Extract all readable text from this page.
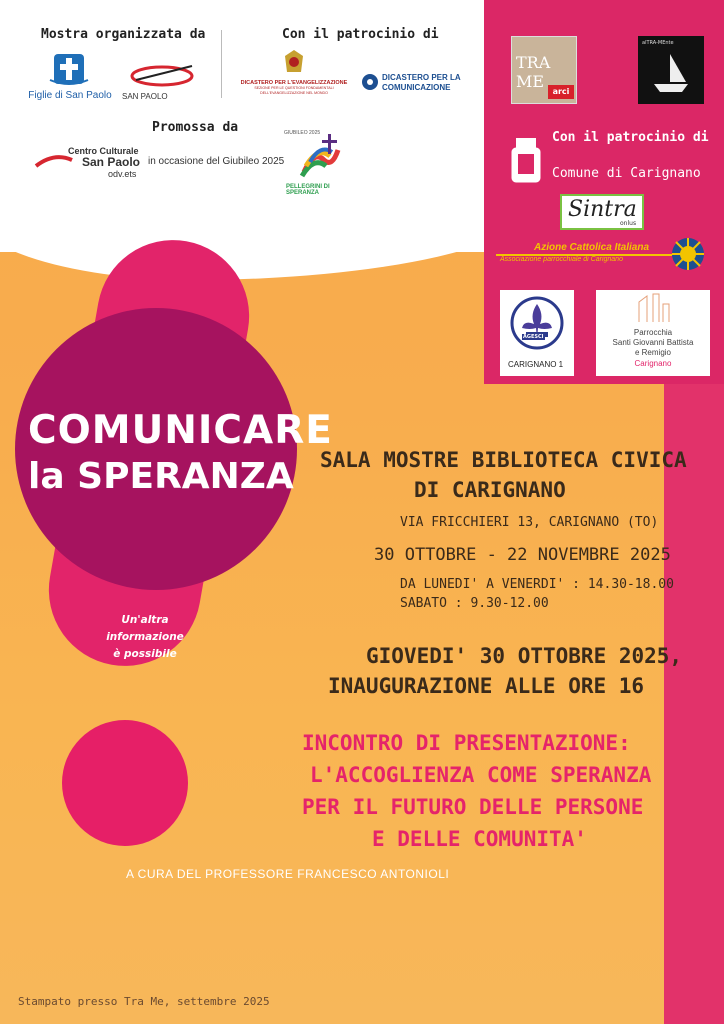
Mostra organizzata da	Con il patrocinio di
Promossa da
Figlie di San Paolo	SAN PAOLO
DICASTERO PER L'EVANGELIZZAZIONE
SEZIONE PER LE QUESTIONI FONDAMENTALI DELL'EVANGELIZZAZIONE NEL MONDO
DICASTERO PER LA
COMUNICAZIONE
Centro Culturale
San Paolo
odv.ets
in occasione del Giubileo 2025
GIUBILEO 2025
PELLEGRINI DI SPERANZA
TRA ME
arci
alTRA-MEnte
Con il patrocinio di
Comune di Carignano
Sintra
onlus
Azione Cattolica Italiana
Associazione parrocchiale di Carignano
AGESCI
CARIGNANO 1
Parrocchia
Santi Giovanni Battista
e Remigio
Carignano
COMUNICARE
la SPERANZA
Un'altra
informazione
è possibile
SALA MOSTRE BIBLIOTECA CIVICA
DI CARIGNANO
VIA FRICCHIERI 13, CARIGNANO (TO)
30 OTTOBRE - 22 NOVEMBRE 2025
DA LUNEDI' A VENERDI' : 14.30-18.00
SABATO : 9.30-12.00
GIOVEDI' 30 OTTOBRE 2025,
INAUGURAZIONE ALLE ORE 16
INCONTRO DI PRESENTAZIONE:
L'ACCOGLIENZA COME SPERANZA
PER IL FUTURO DELLE PERSONE
E DELLE COMUNITA'
A CURA DEL PROFESSORE FRANCESCO ANTONIOLI
Stampato presso Tra Me, settembre 2025
